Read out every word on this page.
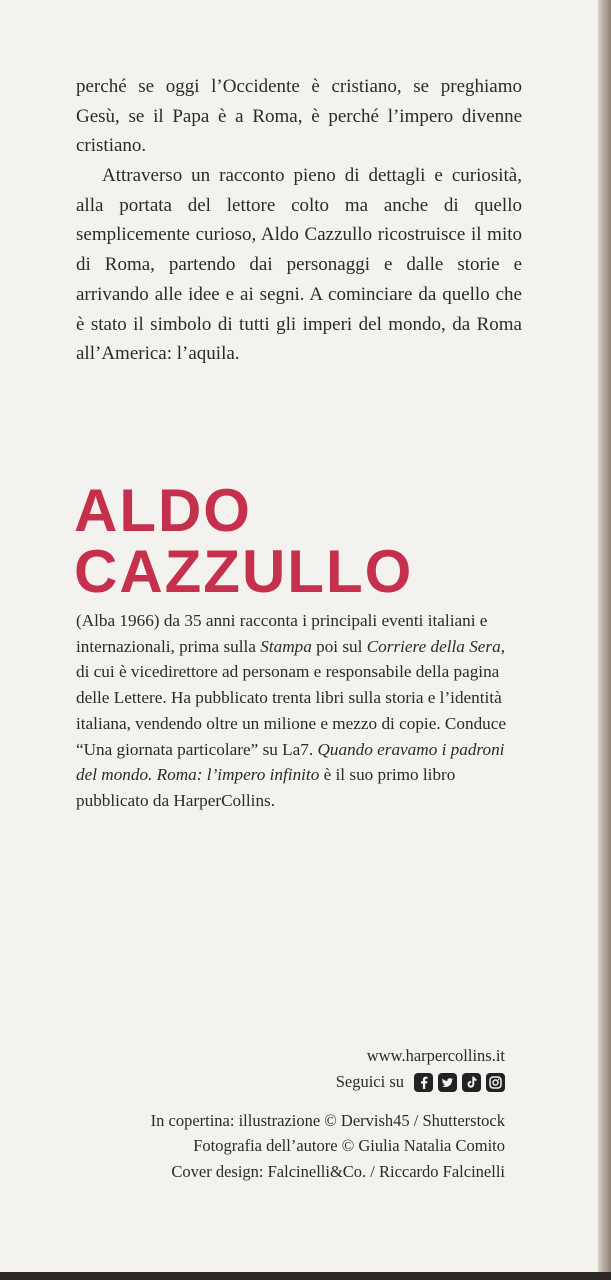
perché se oggi l’Occidente è cristiano, se preghiamo Gesù, se il Papa è a Roma, è perché l’impero divenne cristiano.

Attraverso un racconto pieno di dettagli e curiosità, alla portata del lettore colto ma anche di quello semplicemente curioso, Aldo Cazzullo ricostruisce il mito di Roma, partendo dai personaggi e dalle storie e arrivando alle idee e ai segni. A cominciare da quello che è stato il simbolo di tutti gli imperi del mondo, da Roma all’America: l’aquila.

ALDO
CAZZULLO

(Alba 1966) da 35 anni racconta i principali eventi italiani e internazionali, prima sulla Stampa poi sul Corriere della Sera, di cui è vicedirettore ad personam e responsabile della pagina delle Lettere. Ha pubblicato trenta libri sulla storia e l’identità italiana, vendendo oltre un milione e mezzo di copie. Conduce “Una giornata particolare” su La7. Quando eravamo i padroni del mondo. Roma: l’impero infinito è il suo primo libro pubblicato da HarperCollins.

www.harpercollins.it

Seguici su
In copertina: illustrazione © Dervish45 / Shutterstock
Fotografia dell’autore © Giulia Natalia Comito
Cover design: Falcinelli&Co. / Riccardo Falcinelli
